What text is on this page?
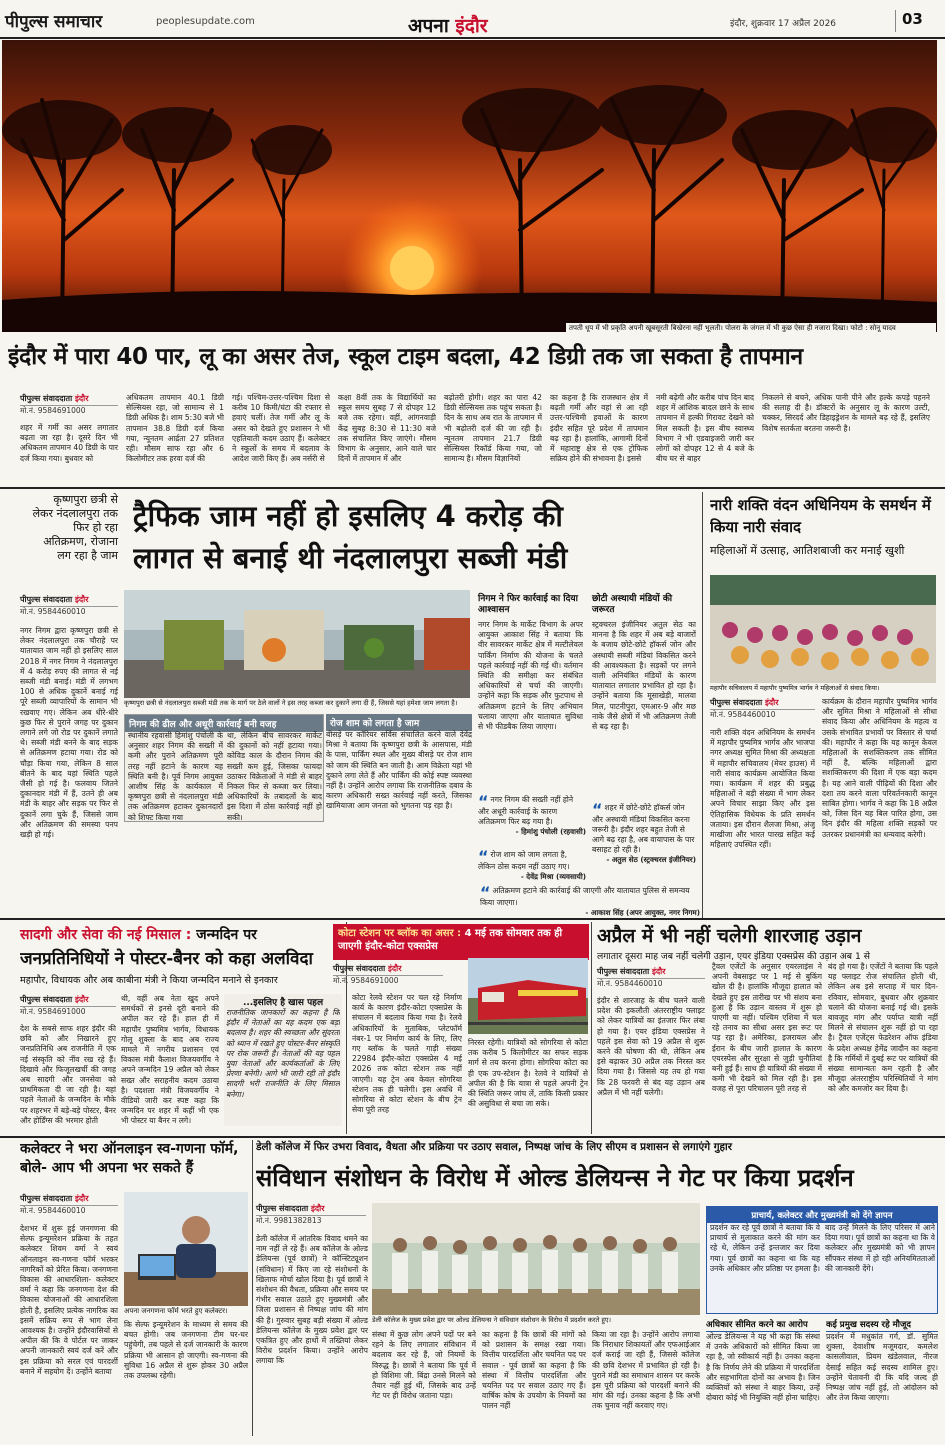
पीपुल्स समाचार	peoplesupdate.com	अपना इंदौर	इंदौर, शुक्रवार 17 अप्रैल 2026	03
तपती धूप में भी प्रकृति अपनी खूबसूरती बिखेरना नहीं भूलती। पोलरा के जंगल में भी कुछ ऐसा ही नजारा दिखा। फोटो : सोनू यादव
इंदौर में पारा 40 पार, लू का असर तेज, स्कूल टाइम बदला, 42 डिग्री तक जा सकता है तापमान
पीपुल्स संवाददाता इंदौर
मो.नं. 9584691000
शहर में गर्मी का असर लगातार बढ़ता जा रहा है। दूसरे दिन भी अधिकतम तापमान 40 डिग्री के पार दर्ज किया गया। बुधवार को
अधिकतम तापमान 40.1 डिग्री सेल्सियस रहा, जो सामान्य से 1 डिग्री अधिक है। शाम 5:30 बजे भी तापमान 38.8 डिग्री दर्ज किया गया, न्यूनतम आर्द्रता 27 प्रतिशत रही। मौसम साफ रहा और 6 किलोमीटर तक हरवा दर्ज की
गई। पश्चिम-उत्तर-पश्चिम दिशा से करीब 10 किमी/घंटा की रफ्तार से हवाएं चलीं। तेज गर्मी और लू के असर को देखते हुए प्रशासन ने भी एहतियाती कदम उठाए हैं। कलेक्टर ने स्कूलों के समय में बदलाव के आदेश जारी किए हैं। अब नर्सरी से
कक्षा 8वीं तक के विद्यार्थियों का स्कूल समय सुबह 7 से दोपहर 12 बजे तक रहेगा। वहीं, आंगनवाड़ी केंद्र सुबह 8:30 से 11:30 बजे तक संचालित किए जाएंगे। मौसम विभाग के अनुसार, आने वाले चार दिनों में तापमान में और
बढ़ोतरी होगी। शहर का पारा 42 डिग्री सेल्सियस तक पहुंच सकता है। दिन के साथ अब रात के तापमान में भी बढ़ोतरी दर्ज की जा रही है। न्यूनतम तापमान 21.7 डिग्री सेल्सियस रिकॉर्ड किया गया, जो सामान्य है। मौसम विज्ञानियों
का कहना है कि राजस्थान क्षेत्र में बढ़ती गर्मी और वहां से आ रही उत्तर-पश्चिमी हवाओं के कारण इंदौर सहित पूरे प्रदेश में तापमान बढ़ रहा है। हालांकि, आगामी दिनों में महाराष्ट्र क्षेत्र से एक ट्रोफिक सक्रिय होने की संभावना है। इससे
नमी बढ़ेगी और करीब पांच दिन बाद शहर में आंशिक बादल छाने के साथ तापमान में हल्की गिरावट देखने को मिल सकती है। इस बीच स्वास्थ्य विभाग ने भी एडवाइजरी जारी कर लोगों को दोपहर 12 से 4 बजे के बीच घर से बाहर
निकलने से बचने, अधिक पानी पीने और हल्के कपड़े पहनने की सलाह दी है। डॉक्टरों के अनुसार लू के कारण उल्टी, चक्कर, सिरदर्द और डिहाइड्रेशन के मामले बढ़ रहे हैं, इसलिए विशेष सतर्कता बरतना जरूरी है।
कृष्णपुरा छत्री से लेकर नंदलालपुरा तक फिर हो रहा अतिक्रमण, रोजाना लग रहा है जाम
पीपुल्स संवाददाता इंदौर
मो.नं. 9584460010
नगर निगम द्वारा कृष्णपुरा छत्री से लेकर नंदलालपुरा तक चौराहे पर यातायात जाम नहीं हो इसलिए साल 2018 में नगर निगम ने नंदलालपुरा में 4 करोड़ रुपए की लागत से नई सब्जी मंडी बनाई। मंडी में लगभग 100 से अधिक दुकानें बनाई गई पूरे सब्जी व्यापारियों के सामान भी रखवाए गए। लेकिन अब धीरे-धीरे कुछ फिर से पुराने जगह पर दुकान लगाने लगे जो रोड पर दुकानें लगाते थे। सब्जी मंडी बनने के बाद सड़क से अतिक्रमण हटाया गया। रोड को चौड़ा किया गया, लेकिन 8 साल बीतने के बाद यहां स्थिति पहले जैसी हो गई है। फलवाय जितने दुकानदार मंडी में हैं, उतने ही अब मंडी के बाहर और सड़क पर फिर से दुकानें लगा चुके हैं, जिससे जाम और अतिक्रमण की समस्या पनप खड़ी हो गई।
ट्रैफिक जाम नहीं हो इसलिए 4 करोड़ की
लागत से बनाई थी नंदलालपुरा सब्जी मंडी
कृष्णपुरा छत्री से नंदलालपुरा सब्जी मंडी तक के मार्ग पर ठेले वालों ने इस तरह कब्जा कर दुकानें लगा दी हैं, जिससे यहां हमेशा जाम लगता है।
निगम की ढील और अधूरी कार्रवाई बनी वजह
स्थानीय रहवासी हिमांशु पंचोली के अनुसार शहर निगम की सख्ती में कमी और पुराने अतिक्रमण पूरी तरह नहीं हटाने के कारण यह स्थिति बनी है। पूर्व निगम आयुक्त आशीष सिंह के कार्यकाल में कृष्णपुरा छत्री से नंदलालपुरा मंडी तक अतिक्रमण हटाकर दुकानदारों को शिफ्ट किया गया
था, लेकिन बीच सावरकर मार्केट की दुकानों को नहीं हटाया गया। कोविड काल के दौरान निगम की सख्ती कम हुई, जिसका फायदा उठाकर विक्रेताओं ने मंडी से बाहर निकल फिर से कब्जा कर लिया। अधिकारियों के तबादलों के बाद इस दिशा में ठोस कार्रवाई नहीं हो सकी।
रोज शाम को लगता है जाम
बीसड़े पर कॉरियर सर्विस संचालित करने वाले देवेंद्र मिश्रा ने बताया कि कृष्णपुरा छत्री के आसपास, मंडी के पास, पार्किंग स्थल और मुख्य बीसड़े पर रोज शाम को जाम की स्थिति बन जाती है। आम विक्रेता यहां भी दुकाने लगा लेते हैं और पार्किंग की कोई स्पष्ट व्यवस्था नहीं है। उन्होंने आरोप लगाया कि राजनीतिक दबाव के कारण अधिकारी सख्त कार्रवाई नहीं करते, जिसका खामियाजा आम जनता को भुगतना पड़ रहा है।
निगम ने फिर कार्रवाई का दिया आश्वासन
नगर निगम के मार्केट विभाग के अपर आयुक्त आकाश सिंह ने बताया कि वीर सावरकर मार्केट क्षेत्र में मल्टीलेवल पार्किंग निर्माण की योजना के चलते पहले कार्रवाई नहीं की गई थी। वर्तमान स्थिति की समीक्षा कर संबंधित अधिकारियों से चर्चा की जाएगी। उन्होंने कहा कि सड़क और फुटपाथ से अतिक्रमण हटाने के लिए अभियान चलाया जाएगा और यातायात सुविधा से भी फीडबैक लिया जाएगा।
“ नगर निगम की सख्ती नहीं होने और अधूरी कार्रवाई के कारण अतिक्रमण फिर बढ़ गया है।
- हिमांशु पंचोली (रहवासी)
“ रोज शाम को जाम लगता है, लेकिन ठोस कदम नहीं उठाए गए।
- देवेंद्र मिश्रा (व्यवसायी)
छोटी अस्थायी मंडियों की जरूरत
स्ट्रक्चरल इंजीनियर अतुल सेठ का मानना है कि शहर में अब बड़े बाजारों के बजाय छोटे-छोटे हॉकर्स जोन और अस्थायी सब्जी मंडियां विकसित करने की आवश्यकता है। सड़कों पर लगने वाली अनियंत्रित मंडियों के कारण यातायात लगातार प्रभावित हो रहा है। उन्होंने बताया कि मूसाखेड़ी, मालवा मिल, पाटनीपुरा, एमआर-9 और मछ नाके जैसे क्षेत्रों में भी अतिक्रमण तेजी से बढ़ रहा है।
“ शहर में छोटे-छोटे हॉकर्स जोन और अस्थायी मंडियां विकसित करना जरूरी है। इंदौर शहर बहुत तेजी से आगे बढ़ रहा है, अब वायापास के पार बसाहट हो रही है।
- अतुल सेठ (स्ट्रक्चरल इंजीनियर)
“ अतिक्रमण हटाने की कार्रवाई की जाएगी और यातायात पुलिस से समन्वय किया जाएगा।
- आकाश सिंह (अपर आयुक्त, नगर निगम)
नारी शक्ति वंदन अधिनियम के समर्थन में किया नारी संवाद
महिलाओं में उत्साह, आतिशबाजी कर मनाई खुशी
महापौर सचिवालय में महापौर पुष्यमित्र भार्गव ने महिलाओं से संवाद किया।
पीपुल्स संवाददाता इंदौर
मो.नं. 9584460010
नारी शक्ति वंदन अधिनियम के समर्थन में महापौर पुष्यमित्र भार्गव और भाजपा नगर अध्यक्ष सुमित मिश्रा की अध्यक्षता में महापौर सचिवालय (मेयर हाउस) में नारी संवाद कार्यक्रम आयोजित किया गया। कार्यक्रम में शहर की प्रबुद्ध महिलाओं ने बड़ी संख्या में भाग लेकर अपने विचार साझा किए और इस ऐतिहासिक विधेयक के प्रति समर्थन जताया। इस दौरान शैलजा मिश्रा, अंजू माखीजा और भारत पारख सहित कई महिलाएं उपस्थित रहीं।
कार्यक्रम के दौरान महापौर पुष्यमित्र भार्गव और सुमित मिश्रा ने महिलाओं से सीधा संवाद किया और अधिनियम के महत्व व उसके संभावित प्रभावों पर विस्तार से चर्चा की। महापौर ने कहा कि यह कानून केवल महिलाओं के सशक्तिकरण तक सीमित नहीं है, बल्कि महिलाओं द्वारा सशक्तिकरण की दिशा में एक बड़ा कदम है। यह आने वाली पीढ़ियों की दिशा और दशा तय करने वाला परिवर्तनकारी कानून साबित होगा। भार्गव ने कहा कि 18 अप्रैल को, जिस दिन यह बिल पारित होगा, उस दिन इंदौर की महिला शक्ति सड़कों पर उतरकर प्रधानमंत्री का धन्यवाद करेगी।
सादगी और सेवा की नई मिसाल : जन्मदिन पर
जनप्रतिनिधियों ने पोस्टर-बैनर को कहा अलविदा
महापौर, विधायक और अब काबीना मंत्री ने किया जन्मदिन मनाने से इनकार
पीपुल्स संवाददाता इंदौर
मो.नं. 9584691000
देश के सबसे साफ शहर इंदौर की छवि को और निखारने हुए जनप्रतिनिधि अब राजनीति में एक नई संस्कृति को नींव रख रहे हैं। दिखावे और फिजूलखर्ची की जगह अब सादगी और जनसेवा को प्राथमिकता दी जा रही है। यहां पहले नेताओं के जन्मदिन के मौके पर शहरभर में बड़े-बड़े पोस्टर, बैनर और होर्डिंग्स की भरमार होती
थी, वहीं अब नेता खुद अपने समर्थकों से इनसे दूरी बनाने की अपील कर रहे हैं। हाल ही में महापौर पुष्यमित्र भार्गव, विधायक गोलू शुक्ला के बाद अब राज्य मामले में नगरीय प्रशासन एवं विकास मंत्री कैलाश विजयवर्गीय ने अपने जन्मदिन 19 अप्रैल को लेकर सख्त और सराहनीय कदम उठाया है। पदशला मंत्री विजयवर्गीय ने वीडियो जारी कर स्पष्ट कहा कि जन्मदिन पर शहर में कहीं भी एक भी पोस्टर या बैनर न लगे।
...इसलिए है खास पहल
राजनीतिक जानकारों का कहना है कि इंदौर में नेताओं का यह कदम एक बड़ा बदलाव है। शहर की स्वच्छता और सुंदरता को ध्यान में रखते हुए पोस्टर-बैनर संस्कृति पर रोक जरूरी है। नेताओं की यह पहल युवा नेताओं और कार्यकर्ताओं के लिए प्रेरणा बनेगी। आगे भी जारी रही तो इंदौर सादगी भरी राजनीति के लिए मिसाल बनेगा।
कोटा स्टेशन पर ब्लॉक का असर : 4 मई तक सोमवार तक ही जाएगी इंदौर-कोटा एक्सप्रेस
पीपुल्स संवाददाता इंदौर
मो.नं. 9584691000
कोटा रेलवे स्टेशन पर चल रहे निर्माण कार्य के कारण इंदौर-कोटा एक्सप्रेस के संचालन में बदलाव किया गया है। रेलवे अधिकारियों के मुताबिक, प्लेटफॉर्म नंबर-1 पर निर्माण कार्य के लिए, लिए गए ब्लॉक के चलते गाड़ी संख्या 22984 इंदौर-कोटा एक्सप्रेस 4 मई 2026 तक कोटा स्टेशन तक नहीं जाएगी। यह ट्रेन अब केवल सोगरिया स्टेशन तक ही चलेगी। इस अवधि में सोगरिया से कोटा स्टेशन के बीच ट्रेन सेवा पूरी तरह
निरस्त रहेगी। यात्रियों को सोगरिया से कोटा तक करीब 5 किलोमीटर का सफर सड़क मार्ग से तय करना होगा। सोगरिया कोटा का ही एक उप-स्टेशन है। रेलवे ने यात्रियों से अपील की है कि यात्रा से पहले अपनी ट्रेन की स्थिति जरूर जांच लें, ताकि किसी प्रकार की असुविधा से बचा जा सके।
अप्रैल में भी नहीं चलेगी शारजाह उड़ान
लगातार दूसरा माह जब नहीं चलेगी उड़ान, एयर इंडिया एक्सप्रेस की उड़ान अब 1 से
पीपुल्स संवाददाता इंदौर
मो.नं. 9584460010
इंदौर से शारजाह के बीच चलने वाली प्रदेश की इकलौती अंतरराष्ट्रीय फ्लाइट को लेकर यात्रियों का इंतजार फिर लंबा हो गया है। एयर इंडिया एक्सप्रेस ने पहले इस सेवा को 19 अप्रैल से शुरू करने की घोषणा की थी, लेकिन अब इसे बढ़ाकर 30 अप्रैल तक निरस्त कर दिया गया है। जिससे यह तय हो गया कि 28 फरवरी से बंद यह उड़ान अब अप्रैल में भी नहीं चलेगी।
ट्रैवल एजेंटों के अनुसार एयरलाइंस ने अपनी वेबसाइट पर 1 मई से बुकिंग खोल दी है। हालांकि मौजूदा हालात को देखते हुए इस तारीख पर भी संशय बना हुआ है कि उड़ान वास्तव में शुरू हो पाएगी या नहीं। पश्चिम एशिया में चल रहे तनाव का सीधा असर इस रूट पर पड़ रहा है। अमेरिका, इजरायल और ईरान के बीच जारी हालात के कारण एयरस्पेस और सुरक्षा से जुड़ी चुनौतियां बनी हुई हैं। साथ ही यात्रियों की संख्या में कमी भी देखने को मिल रही है। इस वजह से पूरा परिचालन पूरी तरह से
बंद हो गया है। एजेंटों ने बताया कि पहले यह फ्लाइट रोज संचालित होती थी, लेकिन अब इसे सप्ताह में चार दिन-रविवार, सोमवार, बुधवार और शुक्रवार चलाने की योजना बनाई गई थी। इसके बावजूद मांग और पर्याप्त यात्री नहीं मिलने से संचालन शुरू नहीं हो पा रहा है। ट्रैवल एजेंट्स फेडरेशन ऑफ इंडिया के प्रदेश अध्यक्ष हेमेंद्र जादौन का कहना है कि गर्मियों में दुबई रूट पर यात्रियों की संख्या सामान्यतः कम रहती है और मौजूदा अंतरराष्ट्रीय परिस्थितियों ने मांग को और कमजोर कर दिया है।
कलेक्टर ने भरा ऑनलाइन स्व-गणना फॉर्म, बोले- आप भी अपना भर सकते हैं
पीपुल्स संवाददाता इंदौर
मो.नं. 9584460010
देशभर में शुरू हुई जनगणना की सेल्फ इन्यूमरेशन प्रक्रिया के तहत कलेक्टर शिवम वर्मा ने स्वयं ऑनलाइन स्व-गणना फॉर्म भरकर नागरिकों को प्रेरित किया। जनगणना विकास की आधारशिला- कलेक्टर वर्मा ने कहा कि जनगणना देश की विकास योजनाओं की आधारशिला होती है, इसलिए प्रत्येक नागरिक का इसमें सक्रिय रूप से भाग लेना आवश्यक है। उन्होंने इंदौरवासियों से अपील की कि वे पोर्टल पर जाकर अपनी जानकारी स्वयं दर्ज करें और इस प्रक्रिया को सरल एवं पारदर्शी बनाने में सहयोग दें। उन्होंने बताया
अपना जनगणना फॉर्म भरते हुए कलेक्टर।
कि सेल्फ इन्यूमरेशन के माध्यम से समय की बचत होगी। जब जनगणना टीम घर-घर पहुंचेगी, तब पहले से दर्ज जानकारी के कारण प्रक्रिया भी आसान हो जाएगी। स्व-गणना की सुविधा 16 अप्रैल से शुरू होकर 30 अप्रैल तक उपलब्ध रहेगी।
डेली कॉलेज में फिर उभरा विवाद, वैधता और प्रक्रिया पर उठाए सवाल, निष्पक्ष जांच के लिए सीएम व प्रशासन से लगाएंगे गुहार
संविधान संशोधन के विरोध में ओल्ड डेलियन्स ने गेट पर किया प्रदर्शन
पीपुल्स संवाददाता इंदौर
मो.नं. 9981382813
डेली कॉलेज में आंतरिक विवाद थमने का नाम नहीं ले रहे हैं। अब कॉलेज के ओल्ड डेलियन्स (पूर्व छात्रों) ने कॉन्स्टिट्यूशन (संविधान) में किए जा रहे संशोधनों के खिलाफ मोर्चा खोल दिया है। पूर्व छात्रों ने संशोधन की वैधता, प्रक्रिया और समय पर गंभीर सवाल उठाते हुए मुख्यमंत्री और जिला प्रशासन से निष्पक्ष जांच की मांग की है। गुरुवार सुबह बड़ी संख्या में ओल्ड डेलियन्स कॉलेज के मुख्य प्रवेश द्वार पर एकत्रित हुए और हाथों में तख्तियां लेकर विरोध प्रदर्शन किया। उन्होंने आरोप लगाया कि
डेली कॉलेज के मुख्य प्रवेश द्वार पर ओल्ड डेलियन्स ने संविधान संशोधन के विरोध में प्रदर्शन करते हुए।
संस्था में कुछ लोग अपने पदों पर बने रहने के लिए लगातार संविधान में बदलाव कर रहे हैं, जो नियमों के विरुद्ध है। छात्रों ने बताया कि पूर्व में हो विशिमा जी. बिंद्रा उनसे मिलने को तैयार नहीं हुई थीं, जिसके बाद उन्हें गेट पर ही विरोध जताना पड़ा।
का कहना है कि छात्रों की मांगों को को प्रशासन के समक्ष रखा गया। वित्तीय पारदर्शिता और चयनित पद पर सवाल - पूर्व छात्रों का कहना है कि संस्था में वित्तीय पारदर्शिता और चयनित पद पर सवाल उठाए गए हैं। वार्षिक कोष के उपयोग के नियमों का पालन नहीं
किया जा रहा है। उन्होंने आरोप लगाया कि निराधार शिकायतों और एफआईआर दर्ज कराई जा रही हैं, जिससे कॉलेज की छवि देशभर में प्रभावित हो रही है। पुराने मंडी का समाधान शासन पर करके इस पूरी प्रक्रिया को पारदर्शी बनाने की मांग की गई। उनका कहना है कि अभी तक चुनाव नहीं करवाए गए।
प्राचार्य, कलेक्टर और मुख्यमंत्री को देंगे ज्ञापन
प्रदर्शन कर रहे पूर्व छात्रों ने बताया कि वे प्राचार्य से मुलाकात करने की मांग कर रहे थे, लेकिन उन्हें इन्तजार कर दिया गया। पूर्व छात्रों का कहना था कि यह उनके अधिकार और प्रतिष्ठा पर हमला है।
बाद उन्हें मिलने के लिए परिसर में आने दिया गया। पूर्व छात्रों का कहना था कि वे कलेक्टर और मुख्यमंत्री को भी ज्ञापन सौंपकर संस्था में हो रही अनियमितताओं की जानकारी देंगे।
अधिकार सीमित करने का आरोप
ओल्ड डेलियन्स ने यह भी कहा कि संस्था में उनके अधिकारों को सीमित किया जा रहा है, जो स्वीकार्य नहीं है। उनका कहना है कि निर्णय लेने की प्रक्रिया में पारदर्शिता और सहभागिता दोनों का अभाव है। जिन व्यक्तियों को संस्था ने बाहर किया, उन्हें दोबारा कोई भी नियुक्ति नहीं होना चाहिए।
कई प्रमुख सदस्य रहे मौजूद
प्रदर्शन में मधुकांत गर्ग, डॉ. सुमित शुक्ला, देवाशीष मजूमदार, कमलेश कासलीवाल, प्रियम खंडेलवाल, नीरज देसाई सहित कई सदस्य शामिल हुए। उन्होंने चेतावनी दी कि यदि जल्द ही निष्पक्ष जांच नहीं हुई, तो आंदोलन को और तेज किया जाएगा।
